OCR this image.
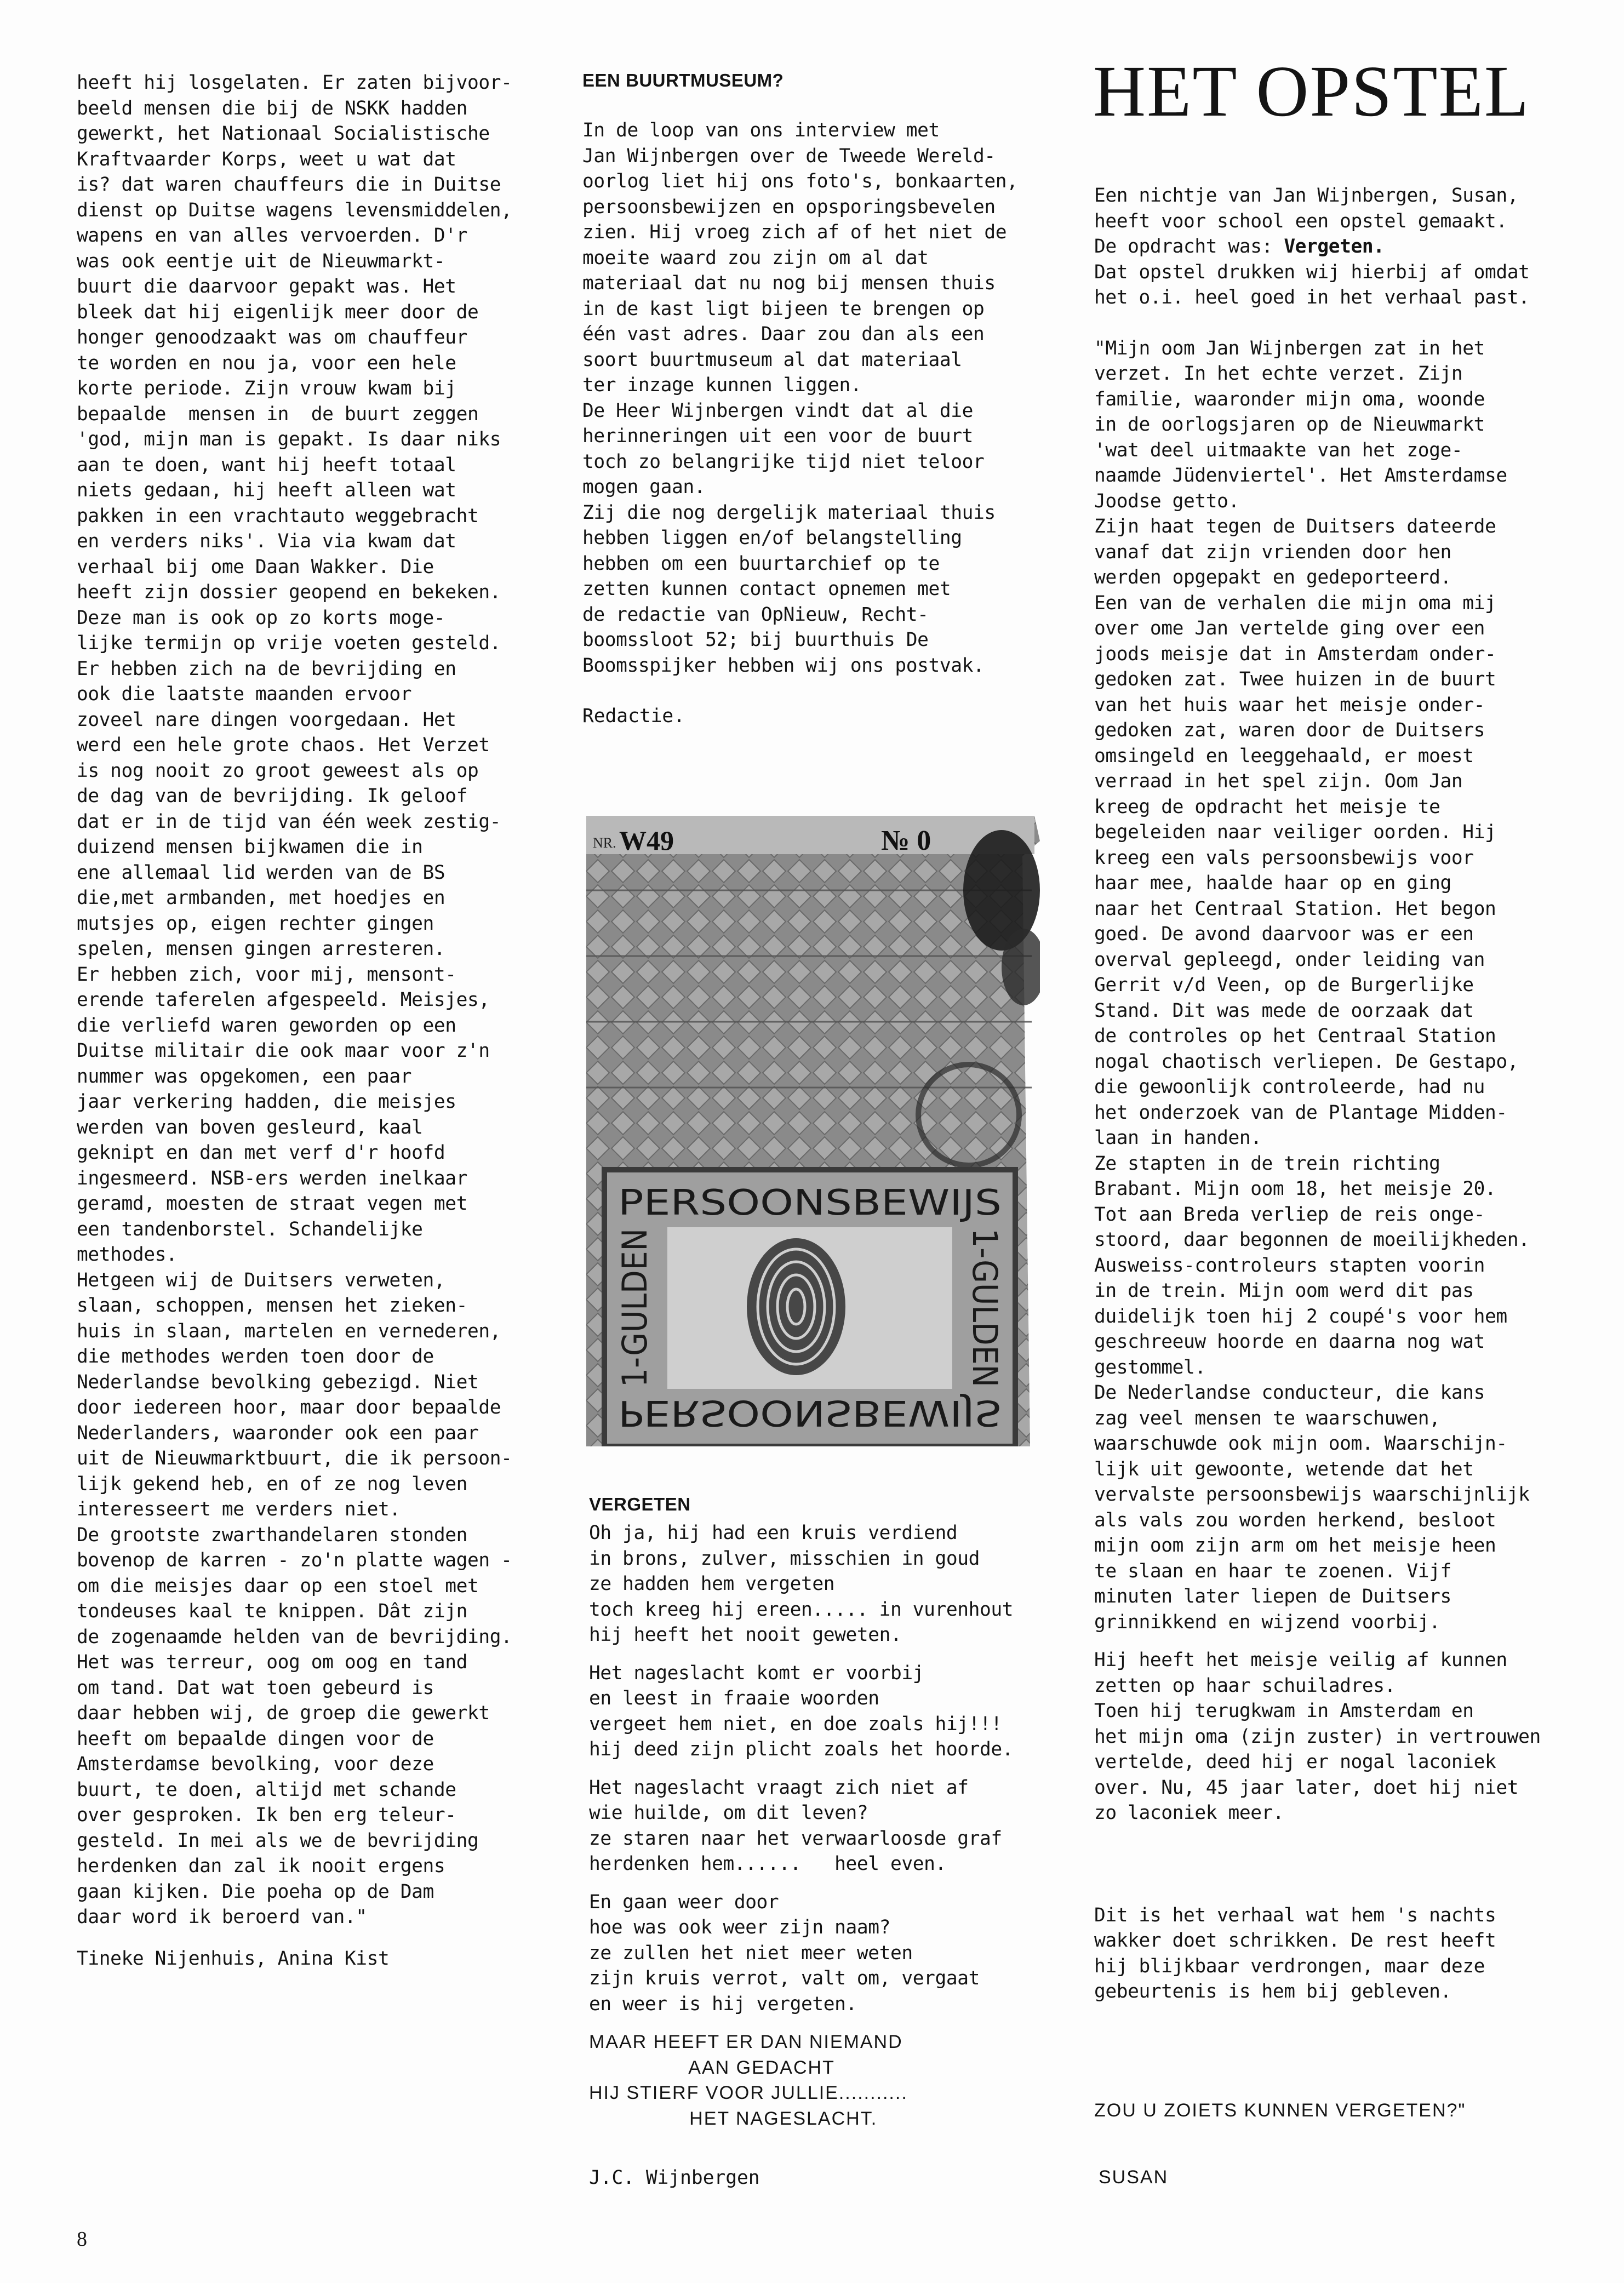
heeft hij losgelaten. Er zaten bijvoor-
beeld mensen die bij de NSKK hadden
gewerkt, het Nationaal Socialistische
Kraftvaarder Korps, weet u wat dat
is? dat waren chauffeurs die in Duitse
dienst op Duitse wagens levensmiddelen,
wapens en van alles vervoerden. D'r
was ook eentje uit de Nieuwmarkt-
buurt die daarvoor gepakt was. Het
bleek dat hij eigenlijk meer door de
honger genoodzaakt was om chauffeur
te worden en nou ja, voor een hele
korte periode. Zijn vrouw kwam bij
bepaalde  mensen in  de buurt zeggen
'god, mijn man is gepakt. Is daar niks
aan te doen, want hij heeft totaal
niets gedaan, hij heeft alleen wat
pakken in een vrachtauto weggebracht
en verders niks'. Via via kwam dat
verhaal bij ome Daan Wakker. Die
heeft zijn dossier geopend en bekeken.
Deze man is ook op zo korts moge-
lijke termijn op vrije voeten gesteld.
Er hebben zich na de bevrijding en
ook die laatste maanden ervoor
zoveel nare dingen voorgedaan. Het
werd een hele grote chaos. Het Verzet
is nog nooit zo groot geweest als op
de dag van de bevrijding. Ik geloof
dat er in de tijd van één week zestig-
duizend mensen bijkwamen die in
ene allemaal lid werden van de BS
die,met armbanden, met hoedjes en
mutsjes op, eigen rechter gingen
spelen, mensen gingen arresteren.
Er hebben zich, voor mij, mensont-
erende taferelen afgespeeld. Meisjes,
die verliefd waren geworden op een
Duitse militair die ook maar voor z'n
nummer was opgekomen, een paar
jaar verkering hadden, die meisjes
werden van boven gesleurd, kaal
geknipt en dan met verf d'r hoofd
ingesmeerd. NSB-ers werden inelkaar
geramd, moesten de straat vegen met
een tandenborstel. Schandelijke
methodes.
Hetgeen wij de Duitsers verweten,
slaan, schoppen, mensen het zieken-
huis in slaan, martelen en vernederen,
die methodes werden toen door de
Nederlandse bevolking gebezigd. Niet
door iedereen hoor, maar door bepaalde
Nederlanders, waaronder ook een paar
uit de Nieuwmarktbuurt, die ik persoon-
lijk gekend heb, en of ze nog leven
interesseert me verders niet.
De grootste zwarthandelaren stonden
bovenop de karren - zo'n platte wagen -
om die meisjes daar op een stoel met
tondeuses kaal te knippen. Dât zijn
de zogenaamde helden van de bevrijding.
Het was terreur, oog om oog en tand
om tand. Dat wat toen gebeurd is
daar hebben wij, de groep die gewerkt
heeft om bepaalde dingen voor de
Amsterdamse bevolking, voor deze
buurt, te doen, altijd met schande
over gesproken. Ik ben erg teleur-
gesteld. In mei als we de bevrijding
herdenken dan zal ik nooit ergens
gaan kijken. Die poeha op de Dam
daar word ik beroerd van."
Tineke Nijenhuis, Anina Kist
EEN BUURTMUSEUM?
In de loop van ons interview met
Jan Wijnbergen over de Tweede Wereld-
oorlog liet hij ons foto's, bonkaarten,
persoonsbewijzen en opsporingsbevelen
zien. Hij vroeg zich af of het niet de
moeite waard zou zijn om al dat
materiaal dat nu nog bij mensen thuis
in de kast ligt bijeen te brengen op
één vast adres. Daar zou dan als een
soort buurtmuseum al dat materiaal
ter inzage kunnen liggen.
De Heer Wijnbergen vindt dat al die
herinneringen uit een voor de buurt
toch zo belangrijke tijd niet teloor
mogen gaan.
Zij die nog dergelijk materiaal thuis
hebben liggen en/of belangstelling
hebben om een buurtarchief op te
zetten kunnen contact opnemen met
de redactie van OpNieuw, Recht-
boomssloot 52; bij buurthuis De
Boomsspijker hebben wij ons postvak.
Redactie.
NR. W49	№ 0
PERSOONSBEWIJS
PERSOONSBEWIJS
1-GULDEN	1-GULDEN
VERGETEN
Oh ja, hij had een kruis verdiend
in brons, zulver, misschien in goud
ze hadden hem vergeten
toch kreeg hij ereen..... in vurenhout
hij heeft het nooit geweten.
Het nageslacht komt er voorbij
en leest in fraaie woorden
vergeet hem niet, en doe zoals hij!!!
hij deed zijn plicht zoals het hoorde.
Het nageslacht vraagt zich niet af
wie huilde, om dit leven?
ze staren naar het verwaarloosde graf
herdenken hem......   heel even.
En gaan weer door
hoe was ook weer zijn naam?
ze zullen het niet meer weten
zijn kruis verrot, valt om, vergaat
en weer is hij vergeten.
MAAR HEEFT ER DAN NIEMAND
AAN GEDACHT
HIJ STIERF VOOR JULLIE...........
HET NAGESLACHT.
J.C. Wijnbergen
HET OPSTEL
Een nichtje van Jan Wijnbergen, Susan,
heeft voor school een opstel gemaakt.
De opdracht was: Vergeten.
Dat opstel drukken wij hierbij af omdat
het o.i. heel goed in het verhaal past.
"Mijn oom Jan Wijnbergen zat in het
verzet. In het echte verzet. Zijn
familie, waaronder mijn oma, woonde
in de oorlogsjaren op de Nieuwmarkt
'wat deel uitmaakte van het zoge-
naamde Jüdenviertel'. Het Amsterdamse
Joodse getto.
Zijn haat tegen de Duitsers dateerde
vanaf dat zijn vrienden door hen
werden opgepakt en gedeporteerd.
Een van de verhalen die mijn oma mij
over ome Jan vertelde ging over een
joods meisje dat in Amsterdam onder-
gedoken zat. Twee huizen in de buurt
van het huis waar het meisje onder-
gedoken zat, waren door de Duitsers
omsingeld en leeggehaald, er moest
verraad in het spel zijn. Oom Jan
kreeg de opdracht het meisje te
begeleiden naar veiliger oorden. Hij
kreeg een vals persoonsbewijs voor
haar mee, haalde haar op en ging
naar het Centraal Station. Het begon
goed. De avond daarvoor was er een
overval gepleegd, onder leiding van
Gerrit v/d Veen, op de Burgerlijke
Stand. Dit was mede de oorzaak dat
de controles op het Centraal Station
nogal chaotisch verliepen. De Gestapo,
die gewoonlijk controleerde, had nu
het onderzoek van de Plantage Midden-
laan in handen.
Ze stapten in de trein richting
Brabant. Mijn oom 18, het meisje 20.
Tot aan Breda verliep de reis onge-
stoord, daar begonnen de moeilijkheden.
Ausweiss-controleurs stapten voorin
in de trein. Mijn oom werd dit pas
duidelijk toen hij 2 coupé's voor hem
geschreeuw hoorde en daarna nog wat
gestommel.
De Nederlandse conducteur, die kans
zag veel mensen te waarschuwen,
waarschuwde ook mijn oom. Waarschijn-
lijk uit gewoonte, wetende dat het
vervalste persoonsbewijs waarschijnlijk
als vals zou worden herkend, besloot
mijn oom zijn arm om het meisje heen
te slaan en haar te zoenen. Vijf
minuten later liepen de Duitsers
grinnikkend en wijzend voorbij.
Hij heeft het meisje veilig af kunnen
zetten op haar schuiladres.
Toen hij terugkwam in Amsterdam en
het mijn oma (zijn zuster) in vertrouwen
vertelde, deed hij er nogal laconiek
over. Nu, 45 jaar later, doet hij niet
zo laconiek meer.
Dit is het verhaal wat hem 's nachts
wakker doet schrikken. De rest heeft
hij blijkbaar verdrongen, maar deze
gebeurtenis is hem bij gebleven.
ZOU U ZOIETS KUNNEN VERGETEN?"
SUSAN
8
